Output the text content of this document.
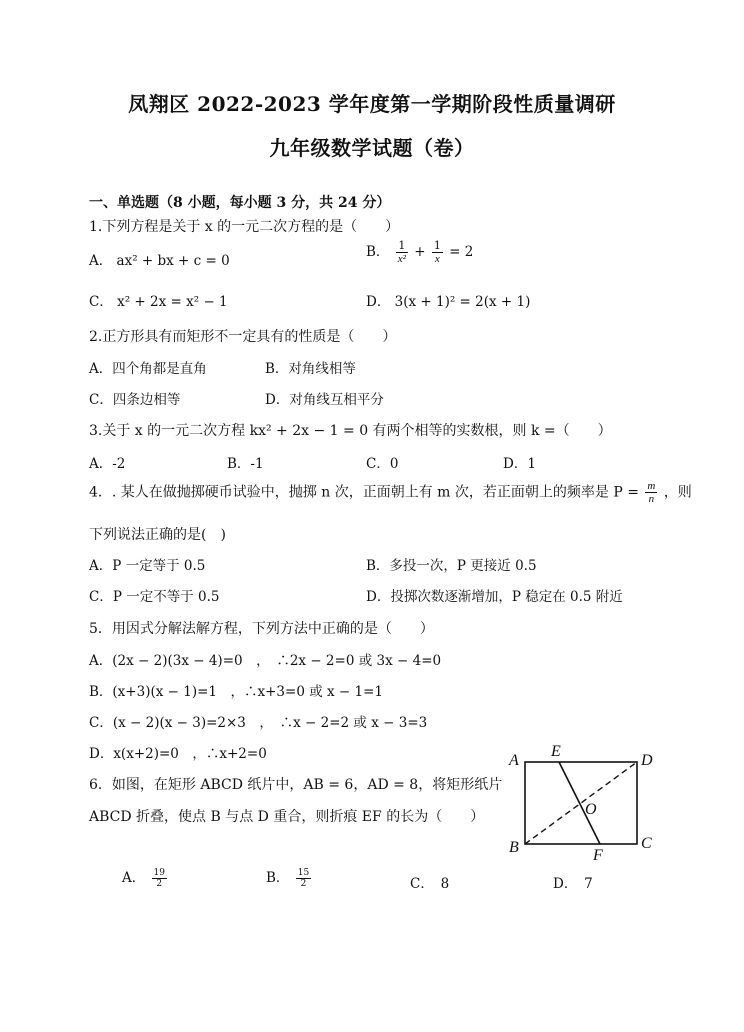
凤翔区 2022-2023 学年度第一学期阶段性质量调研
九年级数学试题（卷）
一、单选题（8 小题，每小题 3 分，共 24 分）
1.下列方程是关于 x 的一元二次方程的是（　　）
A． ax² + bx + c = 0
B． $\frac{1}{\text{x²}} + \frac{1}{x} = 2$
C． x² + 2x = x² − 1	D． 3(x + 1)² = 2(x + 1)
2.正方形具有而矩形不一定具有的性质是（　　）
A．四个角都是直角	B．对角线相等
C．四条边相等	D．对角线互相平分
3.关于 x 的一元二次方程 kx² + 2x − 1 = 0 有两个相等的实数根，则 k =（　　）
A．-2	B．-1	C．0	D．1
4．. 某人在做抛掷硬币试验中，抛掷 n 次，正面朝上有 m 次，若正面朝上的频率是 $P = \frac{m}{n}$ ，则
下列说法正确的是(　)
A．P 一定等于 0.5	B．多投一次，P 更接近 0.5
C．P 一定不等于 0.5	D．投掷次数逐渐增加，P 稳定在 0.5 附近
5．用因式分解法解方程，下列方法中正确的是（　　）
A．(2x − 2)(3x − 4)=0　，　∴2x − 2=0 或 3x − 4=0
B．(x+3)(x − 1)=1　，∴x+3=0 或 x − 1=1
C．(x − 2)(x − 3)=2×3　，　∴x − 2=2 或 x − 3=3
D．x(x+2)=0　，∴x+2=0
6．如图，在矩形 ABCD 纸片中，AB = 6，AD = 8，将矩形纸片
ABCD 折叠，使点 B 与点 D 重合，则折痕 EF 的长为（　　）
A． $\frac{19}{2}$	B． $\frac{15}{2}$	C．　8	D．　7
A
E
D
O
B	F
C
